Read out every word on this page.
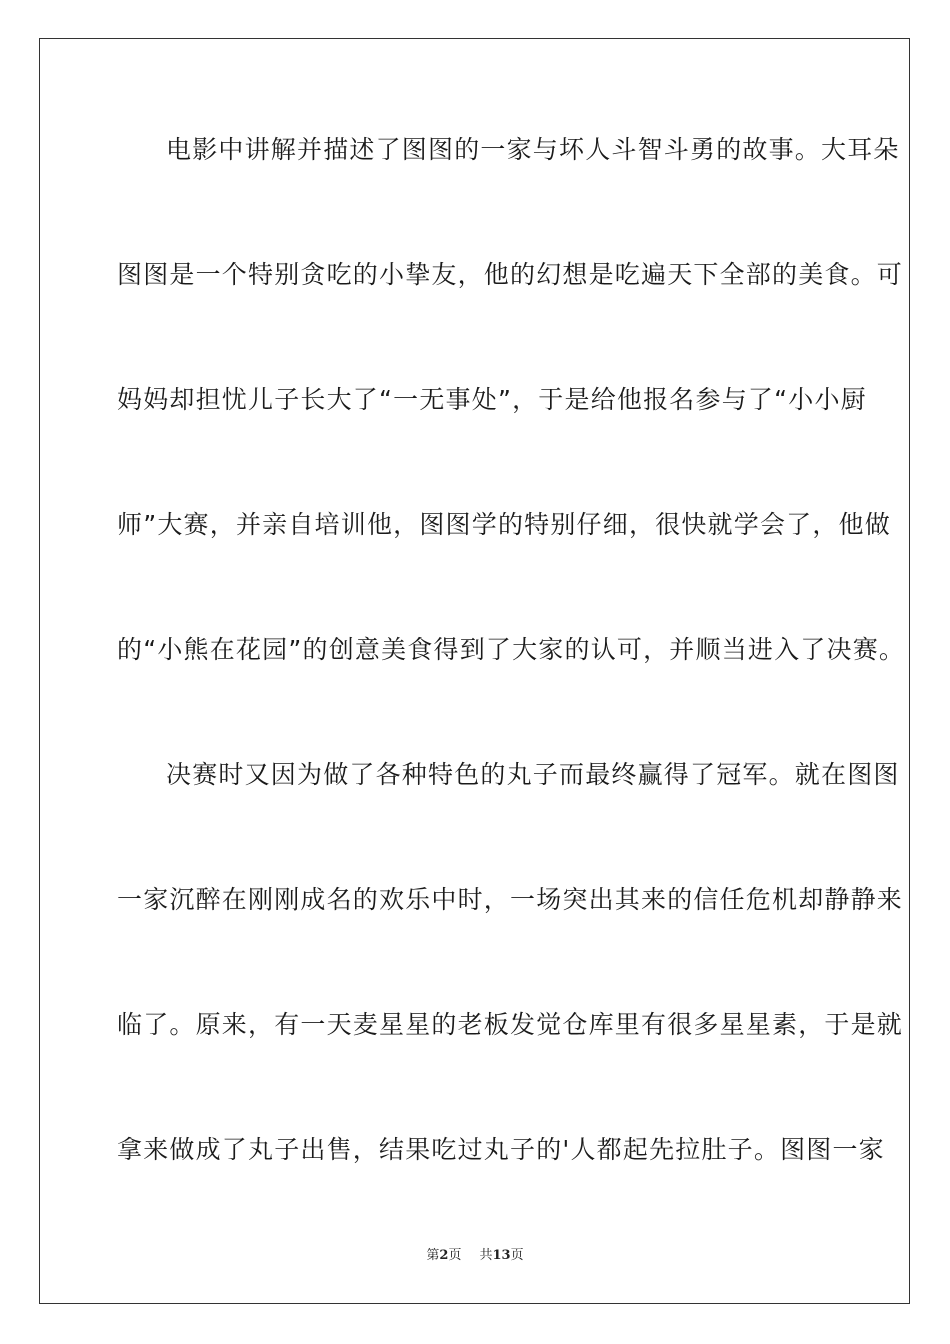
电影中讲解并描述了图图的一家与坏人斗智斗勇的故事。大耳朵
图图是一个特别贪吃的小挚友，他的幻想是吃遍天下全部的美食。可
妈妈却担忧儿子长大了“一无事处”，于是给他报名参与了“小小厨
师”大赛，并亲自培训他，图图学的特别仔细，很快就学会了，他做
的“小熊在花园”的创意美食得到了大家的认可，并顺当进入了决赛。
决赛时又因为做了各种特色的丸子而最终赢得了冠军。就在图图
一家沉醉在刚刚成名的欢乐中时，一场突出其来的信任危机却静静来
临了。原来，有一天麦星星的老板发觉仓库里有很多星星素，于是就
拿来做成了丸子出售，结果吃过丸子的'人都起先拉肚子。图图一家
第2页 共13页
